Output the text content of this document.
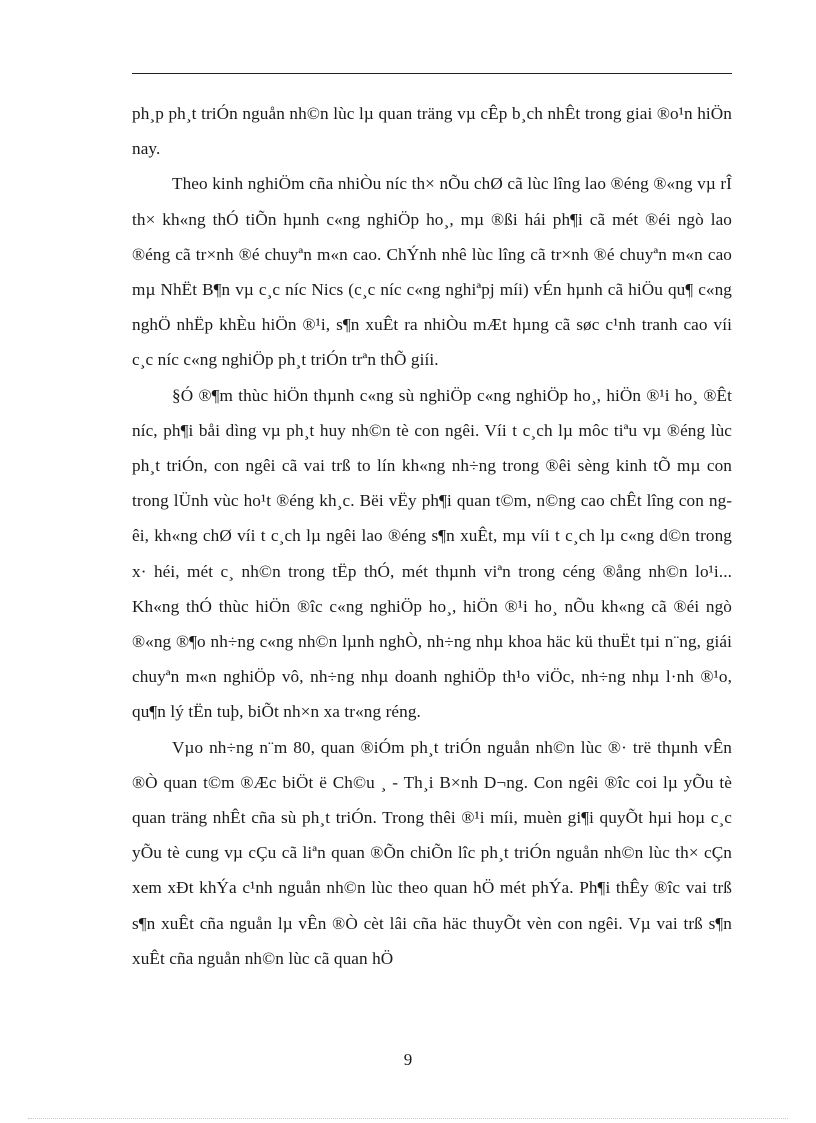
ph¸p ph¸t triÓn nguån nh©n lùc lµ quan träng vµ cÊp b¸ch nhÊt trong giai ®o¹n hiÖn nay.

Theo kinh nghiÖm cña nhiÒu níc th× nÕu chØ cã lùc lîng lao ®éng ®«ng vµ rÎ th× kh«ng thÓ tiÕn hµnh c«ng nghiÖp ho¸, mµ ®ßi hái ph¶i cã mét ®éi ngò lao ®éng cã tr×nh ®é chuyªn m«n cao. ChÝnh nhê lùc lîng cã tr×nh ®é chuyªn m«n cao mµ NhËt B¶n vµ c¸c níc Nics (c¸c níc c«ng nghiªpj míi) vÉn hµnh cã hiÖu qu¶ c«ng nghÖ nhËp khÈu hiÖn ®¹i, s¶n xuÊt ra nhiÒu mÆt hµng cã søc c¹nh tranh cao víi c¸c níc c«ng nghiÖp ph¸t triÓn trªn thÕ giíi.

§Ó ®¶m thùc hiÖn thµnh c«ng sù nghiÖp c«ng nghiÖp ho¸, hiÖn ®¹i ho¸ ®Êt níc, ph¶i båi dìng vµ ph¸t huy nh©n tè con ngêi. Víi t c¸ch lµ môc tiªu vµ ®éng lùc ph¸t triÓn, con ngêi cã vai trß to lín kh«ng nh÷ng trong ®êi sèng kinh tÕ mµ con trong lÜnh vùc ho¹t ®éng kh¸c. Bëi vËy ph¶i quan t©m, n©ng cao chÊt lîng con ngêi, kh«ng chØ víi t c¸ch lµ ngêi lao ®éng s¶n xuÊt, mµ víi t c¸ch lµ c«ng d©n trong x· héi, mét c¸ nh©n trong tËp thÓ, mét thµnh viªn trong céng ®ång nh©n lo¹i... Kh«ng thÓ thùc hiÖn ®îc c«ng nghiÖp ho¸, hiÖn ®¹i ho¸ nÕu kh«ng cã ®éi ngò ®«ng ®¶o nh÷ng c«ng nh©n lµnh nghÒ, nh÷ng nhµ khoa häc kü thuËt tµi n¨ng, giái chuyªn m«n nghiÖp vô, nh÷ng nhµ doanh nghiÖp th¹o viÖc, nh÷ng nhµ l·nh ®¹o, qu¶n lý tËn tuþ, biÕt nh×n xa tr«ng réng.

Vµo nh÷ng n¨m 80, quan ®iÓm ph¸t triÓn nguån nh©n lùc ®· trë thµnh vÊn ®Ò quan t©m ®Æc biÖt ë Ch©u ¸ - Th¸i B×nh D¬ng. Con ngêi ®îc coi lµ yÕu tè quan träng nhÊt cña sù ph¸t triÓn. Trong thêi ®¹i míi, muèn gi¶i quyÕt hµi hoµ c¸c yÕu tè cung vµ cÇu cã liªn quan ®Õn chiÕn lîc ph¸t triÓn nguån nh©n lùc th× cÇn xem xÐt khÝa c¹nh nguån nh©n lùc theo quan hÖ mét phÝa. Ph¶i thÊy ®îc vai trß s¶n xuÊt cña nguån lµ vÊn ®Ò cèt lâi cña häc thuyÕt vèn con ngêi. Vµ vai trß s¶n xuÊt cña nguån nh©n lùc cã quan hÖ

9
